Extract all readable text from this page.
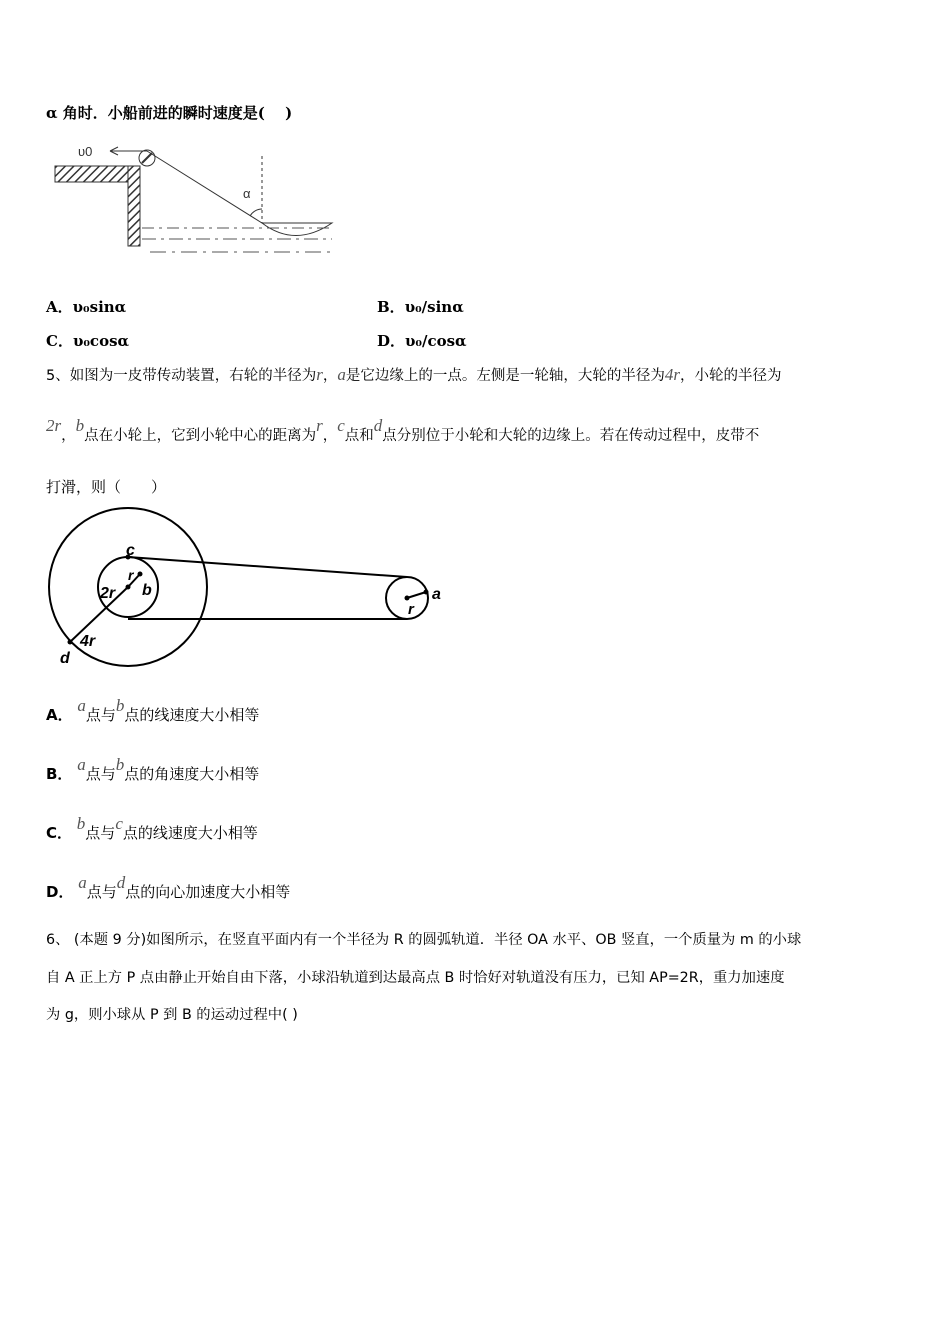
α 角时．小船前进的瞬时速度是(　 )
υ0
α
A．υ₀sinα	B．υ₀/sinα
C．υ₀cosα	D．υ₀/cosα
5、如图为一皮带传动装置，右轮的半径为r，a是它边缘上的一点。左侧是一轮轴，大轮的半径为4r，小轮的半径为
2r，b点在小轮上，它到小轮中心的距离为r，c点和d点分别位于小轮和大轮的边缘上。若在传动过程中，皮带不
打滑，则（　　）
c
r
b
2r
4r
d
a
r
A． a点与b点的线速度大小相等
B． a点与b点的角速度大小相等
C． b点与c点的线速度大小相等
D． a点与d点的向心加速度大小相等
6、 (本题 9 分)如图所示，在竖直平面内有一个半径为 R 的圆弧轨道．半径 OA 水平、OB 竖直，一个质量为 m 的小球
自 A 正上方 P 点由静止开始自由下落，小球沿轨道到达最高点 B 时恰好对轨道没有压力，已知 AP=2R，重力加速度
为 g，则小球从 P 到 B 的运动过程中( )
